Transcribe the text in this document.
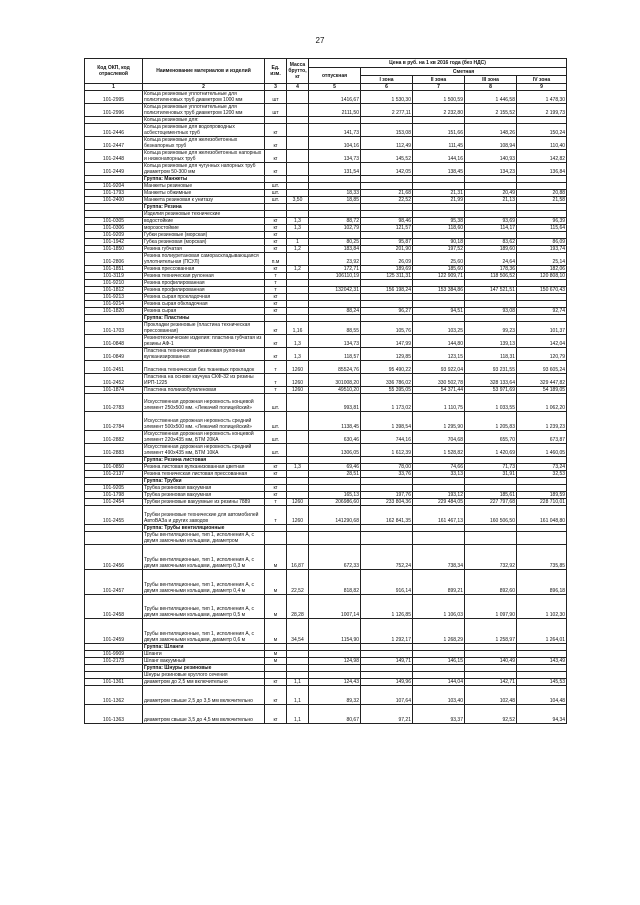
27
Код ОКП, код отраслевой	Наименование материалов и изделий	Ед. изм.	Масса брутто, кг	Цена в руб. на 1 кв 2016 года (без НДС)				
				отпускная	Сметная			
					I зона	II зона	III зона	IV зона
1	2	3	4	5	6	7	8	9
101-2995	Кольца резиновые уплотнительные для полиэтиленовых труб диаметром 1000 мм	шт		1416,67	1 530,30	1 500,59	1 446,58	1 478,30
101-2996	Кольца резиновые уплотнительные для полиэтиленовых труб диаметром 1200 мм	шт		2111,50	2 277,11	2 232,80	2 155,52	2 199,73
	Кольца резиновые для:							
101-2446	Кольца резиновые для водопроводных асбестоцементных труб	кг		141,73	153,08	151,66	148,26	150,24
101-2447	Кольца резиновые для железобетонных безнапорных труб	кг		104,16	112,49	111,45	108,94	110,40
101-2448	Кольца резиновые для железобетонных напорных и низконапорных труб	кг		134,73	145,52	144,16	140,93	142,82
101-2449	Кольца резиновые для чугунных напорных труб диаметром 50-300 мм	кг		131,54	142,05	138,45	134,23	136,84
	Группа: Манжеты							
101-9204	Манжеты резиновые	шт.						
101-1793	Манжеты обжимные	шт.		18,33	21,68	21,31	20,49	20,88
101-2400	Манжета резиновая к унитазу	шт.	3,50	18,85	22,52	21,99	21,13	21,58
	Группа: Резина							
	Изделия резиновые технические							
101-0305	водостойкие	кг	1,3	88,72	98,46	95,38	93,69	96,39
101-0306	морозостойкие	кг	1,3	102,79	121,57	118,60	114,17	115,64
101-9209	Губки резиновые (морская)	кг						
101-1942	Губка резиновая (морская)	кг	1	80,25	95,87	90,18	83,62	86,09
101-1850	Резина губчатая	кг	1,2	183,84	201,90	197,52	189,60	193,74
101-2806	Резина полиуретановая самораскладывающаяся уплотнительная (ПСУЛ)	п.м		23,92	26,09	25,60	24,64	25,14
101-1851	Резина прессованная	кг	1,2	172,71	189,69	185,60	178,36	182,06
101-3119	Резина техническая рулонная	т		106110,19	125 311,31	122 909,71	118 506,52	120 808,10
101-9210	Резина профилированная	т						
101-1812	Резина профилированная	т		132042,31	156 198,24	153 384,86	147 521,51	150 670,43
101-9213	Резина сырая прокладочная	кг						
101-9214	Резина сырая обкладочная	кг						
101-1820	Резина сырая	кг		88,24	96,27	94,51	93,08	92,74
	Группа: Пластины							
101-1703	Прокладки резиновые (пластина техническая прессованная)	кг	1,16	88,55	105,76	103,25	99,23	101,37
101-0848	Резинотехнические изделия: пластина губчатая из резины АФ-1	кг	1,3	134,73	147,99	144,80	139,13	142,04
101-0849	Пластина техническая резиновая рулонная вулканизированная	кг	1,3	118,57	129,85	123,15	118,31	120,79
101-2451	Пластина техническая без тканевых прокладок	т	1260	85524,76	95 490,22	93 922,04	93 231,55	93 605,24
101-2452	Пластина на основе каучука СКФ-32 из резины ИРП-1225	т	1260	301008,20	336 786,02	330 502,78	328 133,64	329 447,82
101-1874	Пластина полиизобутиленовая	т	1260	49510,20	55 395,05	54 371,44	53 971,69	54 189,05
101-2783	Искусственная дорожная неровность концевой элемент 250х500 мм. «Лежачий полицейский»	шт.		993,81	1 173,02	1 110,75	1 033,55	1 062,20
101-2784	Искусственная дорожная неровность средний элемент 500х500 мм. «Лежачий полицейский»	шт.		1138,45	1 398,54	1 295,90	1 205,83	1 239,23
101-2882	Искусственная дорожная неровность концевой элемент 220х435 мм, БТМ 20КА	шт.		630,46	744,16	704,68	655,70	673,87
101-2883	Искусственная дорожная неровность средний элемент 490х435 мм, БТМ 10КА	шт.		1306,05	1 612,39	1 528,82	1 420,69	1 460,05
	Группа: Резина листовая							
101-0850	Резина листовая вулканизованная цветная	кг	1,3	69,46	78,00	74,66	71,73	73,24
101-2137	Резина техническая листовая прессованная	кг		28,51	33,76	33,13	31,91	32,53
	Группа: Трубки							
101-9205	Трубка резиновая вакуумная	кг						
101-1798	Трубка резиновая вакуумная	кг		165,13	197,76	193,12	185,61	189,59
101-2454	Трубки резиновые вакуумные из резины 7889	т	1260	206986,60	233 804,36	229 484,05	227 797,68	228 710,01
101-2455	Трубки резиновые технические для автомобилей АвтоВАЗа и других заводов	т	1260	141290,68	162 841,35	161 467,13	160 506,50	161 048,80
	Группа: Трубы вентиляционные							
	Трубы вентиляционные, тип 1, исполнения А, с двумя замочными кольцами, диаметром							
101-2456	Трубы вентиляционные, тип 1, исполнения А, с двумя замочными кольцами, диаметр 0,3 м	м	16,87	672,33	752,24	738,34	732,92	735,85
101-2457	Трубы вентиляционные, тип 1, исполнения А, с двумя замочными кольцами, диаметр 0,4 м	м	22,52	818,82	916,14	899,21	892,60	896,18
101-2458	Трубы вентиляционные, тип 1, исполнения А, с двумя замочными кольцами, диаметр 0,5 м	м	28,28	1007,14	1 126,85	1 106,03	1 097,90	1 102,30
101-2459	Трубы вентиляционные, тип 1, исполнения А, с двумя замочными кольцами, диаметр 0,6 м	м	34,54	1154,90	1 292,17	1 268,29	1 258,97	1 264,01
	Группа: Шланги							
101-9909	Шланги	м						
101-2173	Шланг вакуумный	м		124,98	149,71	146,15	140,49	143,49
	Группа: Шнуры резиновые							
	Шнуры резиновые круглого сечения							
101-1361	диаметром до 2,5 мм включительно	кг	1,1	124,43	149,96	144,04	142,71	145,53
101-1362	диаметром свыше 2,5 до 3,5 мм включительно	кг	1,1	89,32	107,64	103,40	102,48	104,48
101-1363	диаметром свыше 3,5 до 4,5 мм включительно	кг	1,1	80,67	97,21	93,37	92,52	94,34
